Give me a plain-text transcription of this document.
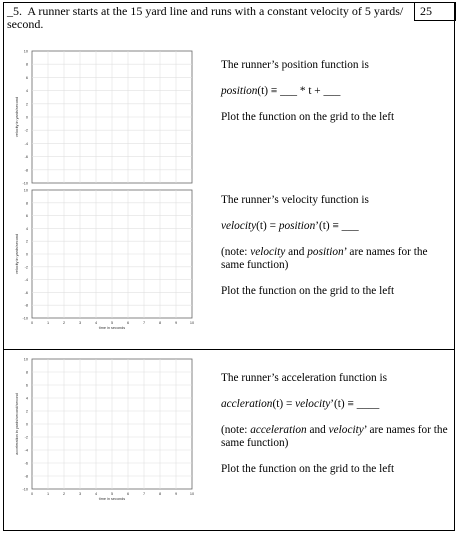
_5. A runner starts at the 15 yard line and runs with a constant velocity of 5 yards/ second.
25
10
8
6
4
2
0
-2
-4
-6
-8
-10
velocity in yards/second
10
8
6
4
2
0
-2
-4
-6
-8
-10
0	1	2	3	4	5	6	7	8	9	10
time in seconds
velocity in yards/second
10
8
6
4
2
0
-2
-4
-6
-8
-10
0	1	2	3	4	5	6	7	8	9	10
time in seconds
acceleration in yards/second/second

The runner’s position function is

position(t) ≡ ___ * t + ___

Plot the function on the grid to the left

The runner’s velocity function is

velocity(t) = position’(t) ≡ ___

(note: velocity and position’ are names for the same function)

Plot the function on the grid to the left

The runner’s acceleration function is

accleration(t) = velocity’(t) ≡ ____

(note: acceleration and velocity’ are names for the same function)

Plot the function on the grid to the left
